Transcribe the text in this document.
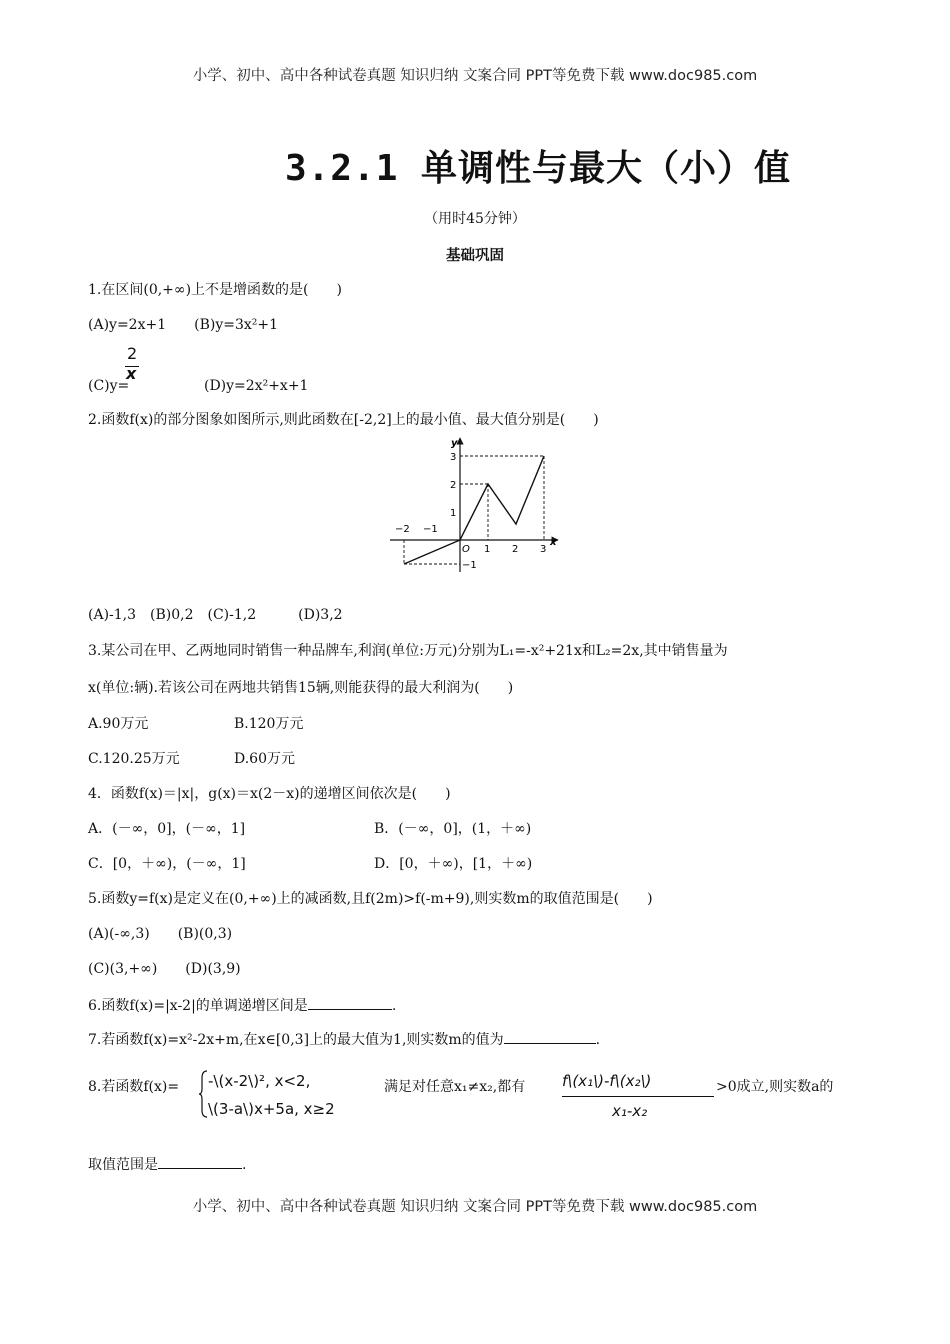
小学、初中、高中各种试卷真题 知识归纳 文案合同 PPT等免费下载 www.doc985.com
3.2.1 单调性与最大（小）值
（用时45分钟）
基础巩固
1.在区间(0,+∞)上不是增函数的是(　　)
(A)y=2x+1　　(B)y=3x²+1
(C)y=
2
x
(D)y=2x²+x+1
2.函数f(x)的部分图象如图所示,则此函数在[-2,2]上的最小值、最大值分别是(　　)
y
x
O
−2 −1
1 2 3
3
2
1
−1
(A)-1,3　(B)0,2　(C)-1,2　　　(D)3,2
3.某公司在甲、乙两地同时销售一种品牌车,利润(单位:万元)分别为L₁=-x²+21x和L₂=2x,其中销售量为
x(单位:辆).若该公司在两地共销售15辆,则能获得的最大利润为(　　)
A.90万元	B.120万元
C.120.25万元	D.60万元
4．函数f(x)＝|x|，g(x)＝x(2－x)的递增区间依次是(　　)
A．(－∞，0]，(－∞，1]	B．(－∞，0]，(1，＋∞)
C．[0，＋∞)，(－∞，1]	D．[0，＋∞)，[1，＋∞)
5.函数y=f(x)是定义在(0,+∞)上的减函数,且f(2m)>f(-m+9),则实数m的取值范围是(　　)
(A)(-∞,3)　　(B)(0,3)
(C)(3,+∞)　　(D)(3,9)
6.函数f(x)=|x-2|的单调递增区间是	.
7.若函数f(x)=x²-2x+m,在x∈[0,3]上的最大值为1,则实数m的值为	.
8.若函数f(x)= -\(x-2\)², x<2,
\(3-a\)x+5a, x≥2
满足对任意x₁≠x₂,都有 f\(x₁\)-f\(x₂\)
x₁-x₂
>0成立,则实数a的
取值范围是	.
小学、初中、高中各种试卷真题 知识归纳 文案合同 PPT等免费下载 www.doc985.com
